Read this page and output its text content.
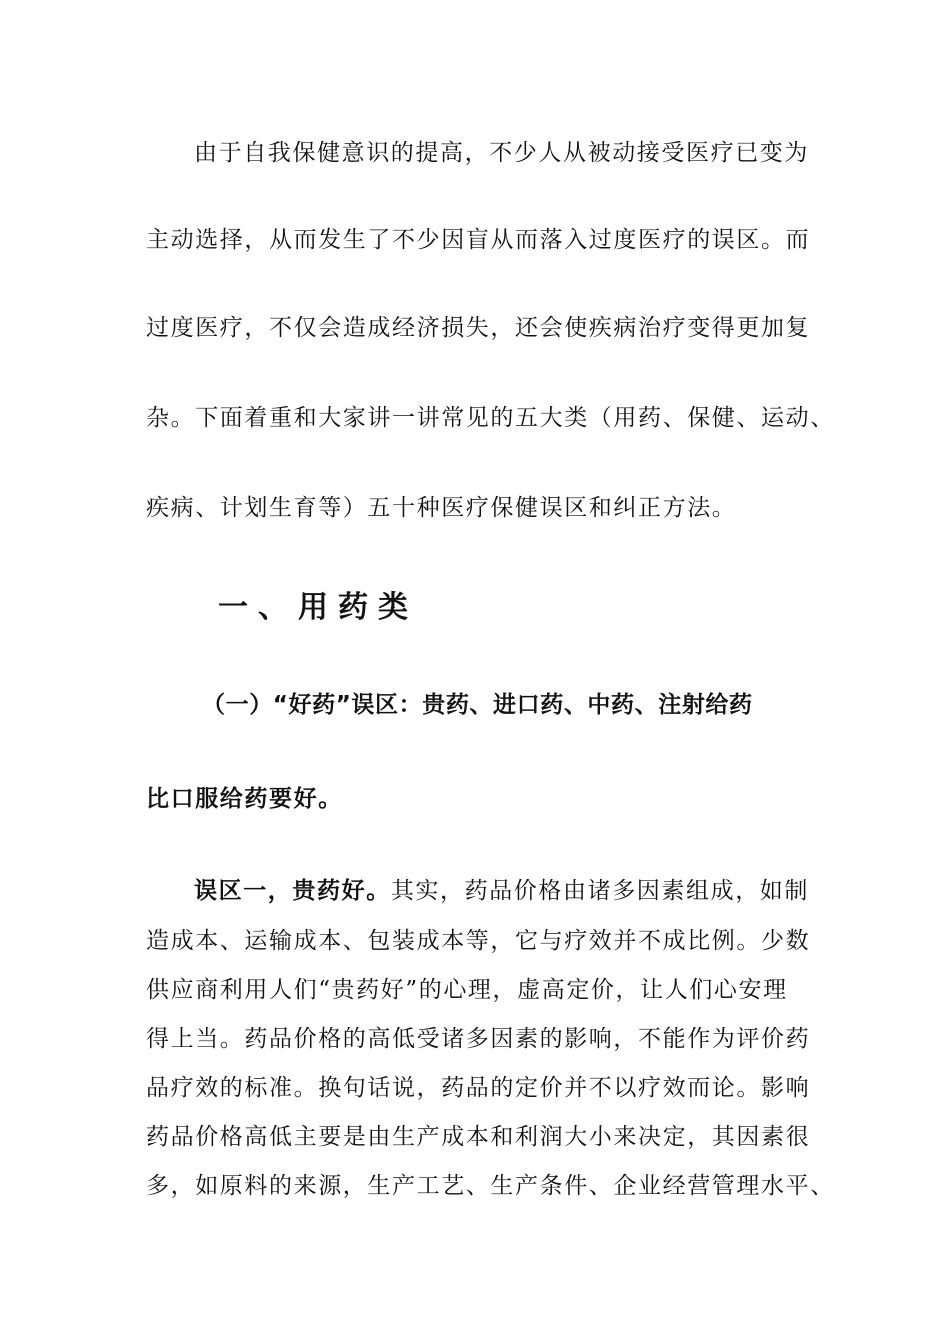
由于自我保健意识的提高，不少人从被动接受医疗已变为
主动选择，从而发生了不少因盲从而落入过度医疗的误区。而
过度医疗，不仅会造成经济损失，还会使疾病治疗变得更加复
杂。下面着重和大家讲一讲常见的五大类（用药、保健、运动、
疾病、计划生育等）五十种医疗保健误区和纠正方法。
一、用药类
（一）“好药”误区：贵药、进口药、中药、注射给药
比口服给药要好。
误区一，贵药好。其实，药品价格由诸多因素组成，如制
造成本、运输成本、包装成本等，它与疗效并不成比例。少数
供应商利用人们“贵药好”的心理，虚高定价，让人们心安理
得上当。药品价格的高低受诸多因素的影响，不能作为评价药
品疗效的标准。换句话说，药品的定价并不以疗效而论。影响
药品价格高低主要是由生产成本和利润大小来决定，其因素很
多，如原料的来源，生产工艺、生产条件、企业经营管理水平、
